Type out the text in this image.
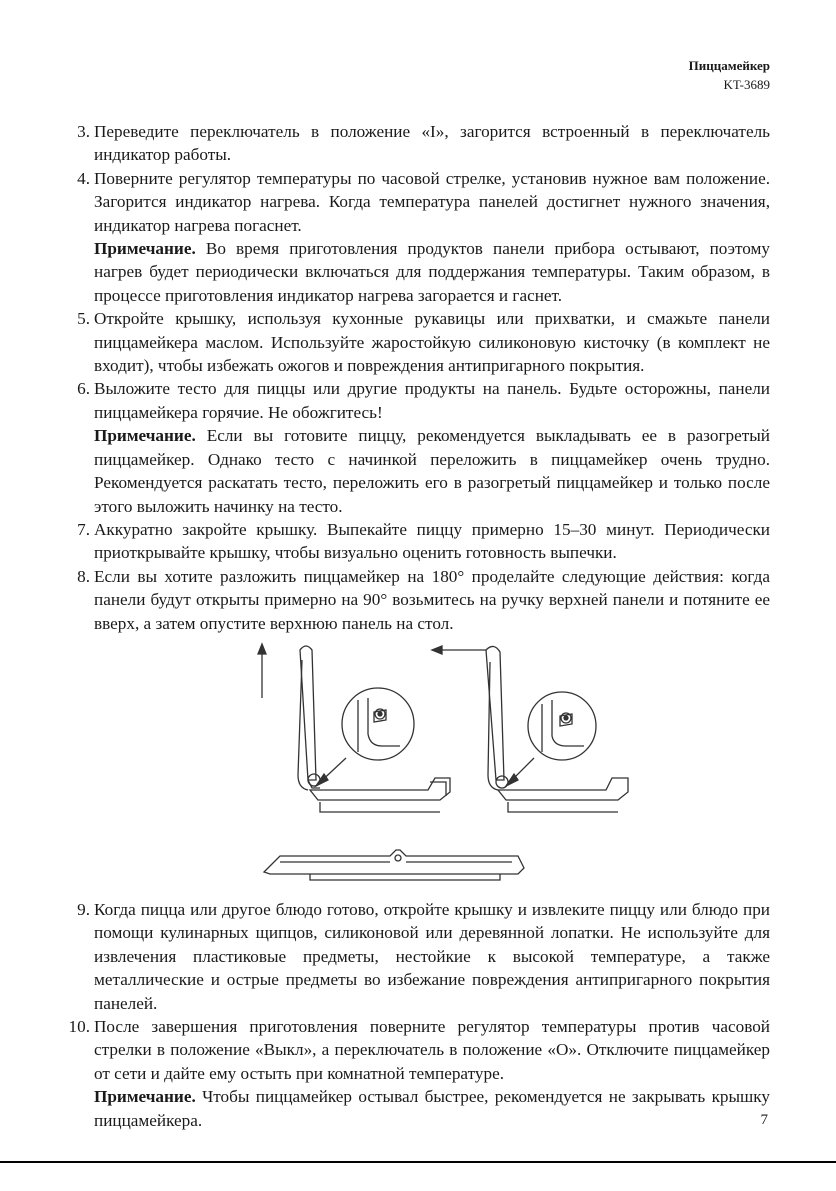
Пиццамейкер
KT-3689
3. Переведите переключатель в положение «I», загорится встроенный в переключатель индикатор работы.

4. Поверните регулятор температуры по часовой стрелке, установив нужное вам положение. Загорится индикатор нагрева. Когда температура панелей достигнет нужного значения, индикатор нагрева погаснет.

Примечание. Во время приготовления продуктов панели прибора остывают, поэтому нагрев будет периодически включаться для поддержания температуры. Таким образом, в процессе приготовления индикатор нагрева загорается и гаснет.

5. Откройте крышку, используя кухонные рукавицы или прихватки, и смажьте панели пиццамейкера маслом. Используйте жаростойкую силиконовую кисточку (в комплект не входит), чтобы избежать ожогов и повреждения антипригарного покрытия.

6. Выложите тесто для пиццы или другие продукты на панель. Будьте осторожны, панели пиццамейкера горячие. Не обожгитесь!

Примечание. Если вы готовите пиццу, рекомендуется выкладывать ее в разогретый пиццамейкер. Однако тесто с начинкой переложить в пиццамейкер очень трудно. Рекомендуется раскатать тесто, переложить его в разогретый пиццамейкер и только после этого выложить начинку на тесто.

7. Аккуратно закройте крышку. Выпекайте пиццу примерно 15–30 минут. Периодически приоткрывайте крышку, чтобы визуально оценить готовность выпечки.

8. Если вы хотите разложить пиццамейкер на 180° проделайте следующие действия: когда панели будут открыты примерно на 90° возьмитесь на ручку верхней панели и потяните ее вверх, а затем опустите верхнюю панель на стол.

9. Когда пицца или другое блюдо готово, откройте крышку и извлеките пиццу или блюдо при помощи кулинарных щипцов, силиконовой или деревянной лопатки. Не используйте для извлечения пластиковые предметы, нестойкие к высокой температуре, а также металлические и острые предметы во избежание повреждения антипригарного покрытия панелей.

10. После завершения приготовления поверните регулятор температуры против часовой стрелки в положение «Выкл», а переключатель в положение «O». Отключите пиццамейкер от сети и дайте ему остыть при комнатной температуре.

Примечание. Чтобы пиццамейкер остывал быстрее, рекомендуется не закрывать крышку пиццамейкера.	7
